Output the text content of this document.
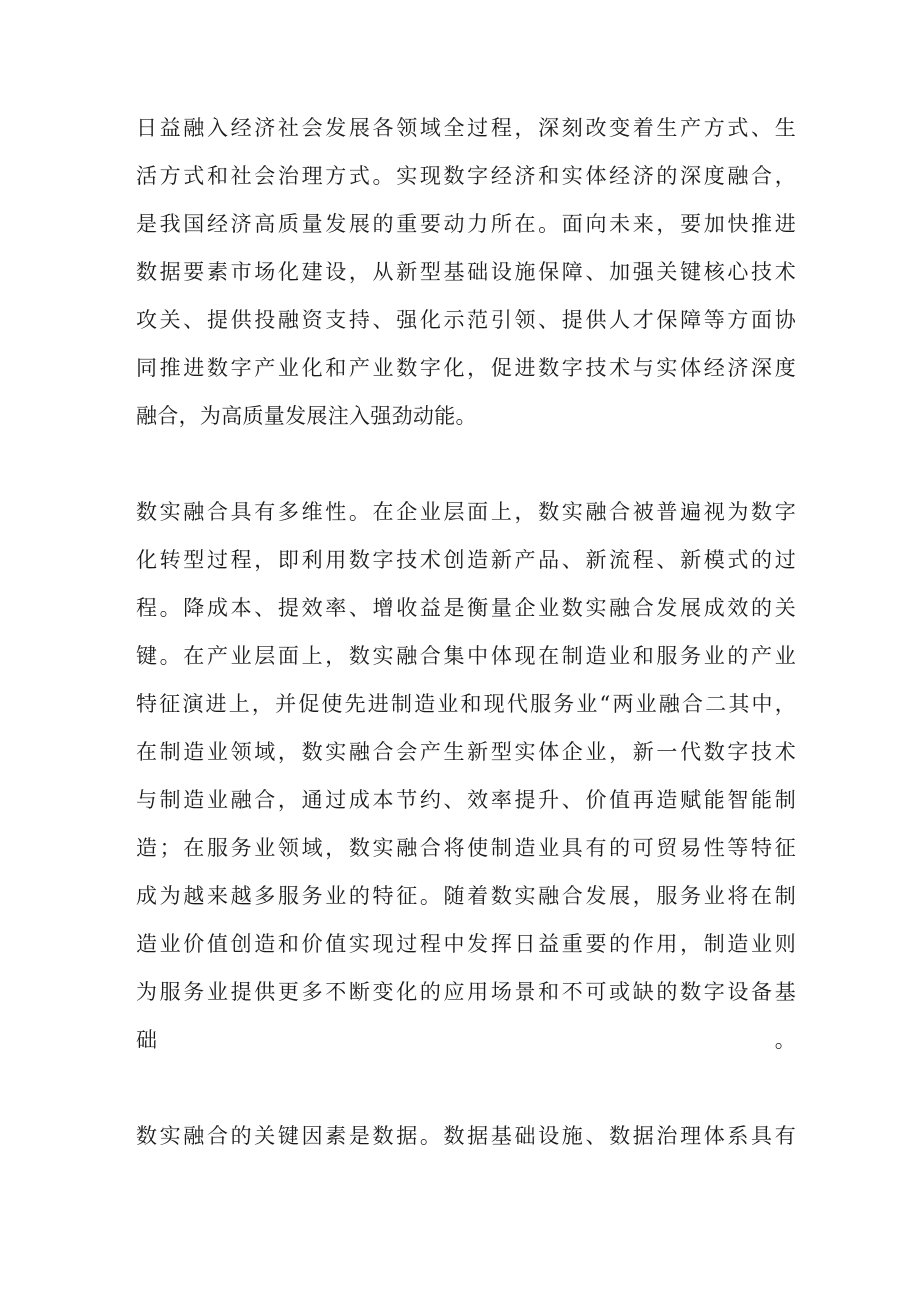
日益融入经济社会发展各领域全过程，深刻改变着生产方式、生
活方式和社会治理方式。实现数字经济和实体经济的深度融合，
是我国经济高质量发展的重要动力所在。面向未来，要加快推进
数据要素市场化建设，从新型基础设施保障、加强关键核心技术
攻关、提供投融资支持、强化示范引领、提供人才保障等方面协
同推进数字产业化和产业数字化，促进数字技术与实体经济深度
融合，为高质量发展注入强劲动能。
数实融合具有多维性。在企业层面上，数实融合被普遍视为数字
化转型过程，即利用数字技术创造新产品、新流程、新模式的过
程。降成本、提效率、增收益是衡量企业数实融合发展成效的关
键。在产业层面上，数实融合集中体现在制造业和服务业的产业
特征演进上，并促使先进制造业和现代服务业“两业融合二其中，
在制造业领域，数实融合会产生新型实体企业，新一代数字技术
与制造业融合，通过成本节约、效率提升、价值再造赋能智能制
造；在服务业领域，数实融合将使制造业具有的可贸易性等特征
成为越来越多服务业的特征。随着数实融合发展，服务业将在制
造业价值创造和价值实现过程中发挥日益重要的作用，制造业则
为服务业提供更多不断变化的应用场景和不可或缺的数字设备基
础。
数实融合的关键因素是数据。数据基础设施、数据治理体系具有
